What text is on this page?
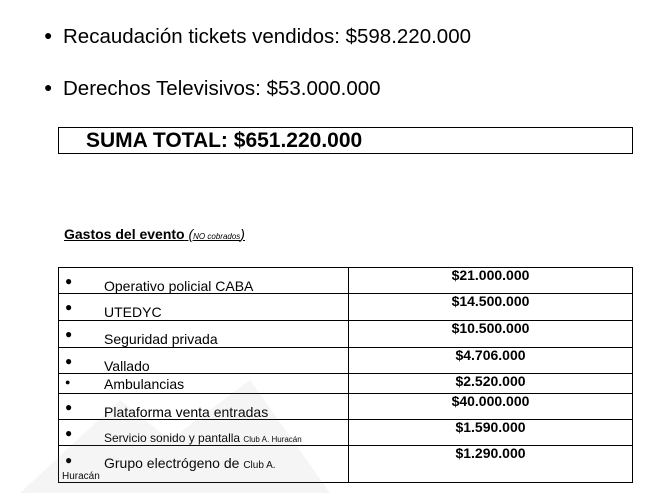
● Recaudación tickets vendidos: $598.220.000
● Derechos Televisivos: $53.000.000
SUMA TOTAL: $651.220.000
Gastos del evento (NO cobrados)
● Operativo policial CABA	$21.000.000

● UTEDYC	$14.500.000

● Seguridad privada	$10.500.000

● Vallado	$4.706.000

● Ambulancias	$2.520.000

● Plataforma venta entradas	$40.000.000

● Servicio sonido y pantalla Club A. Huracán	$1.590.000

● Grupo electrógeno de Club A.
Huracán	$1.290.000
